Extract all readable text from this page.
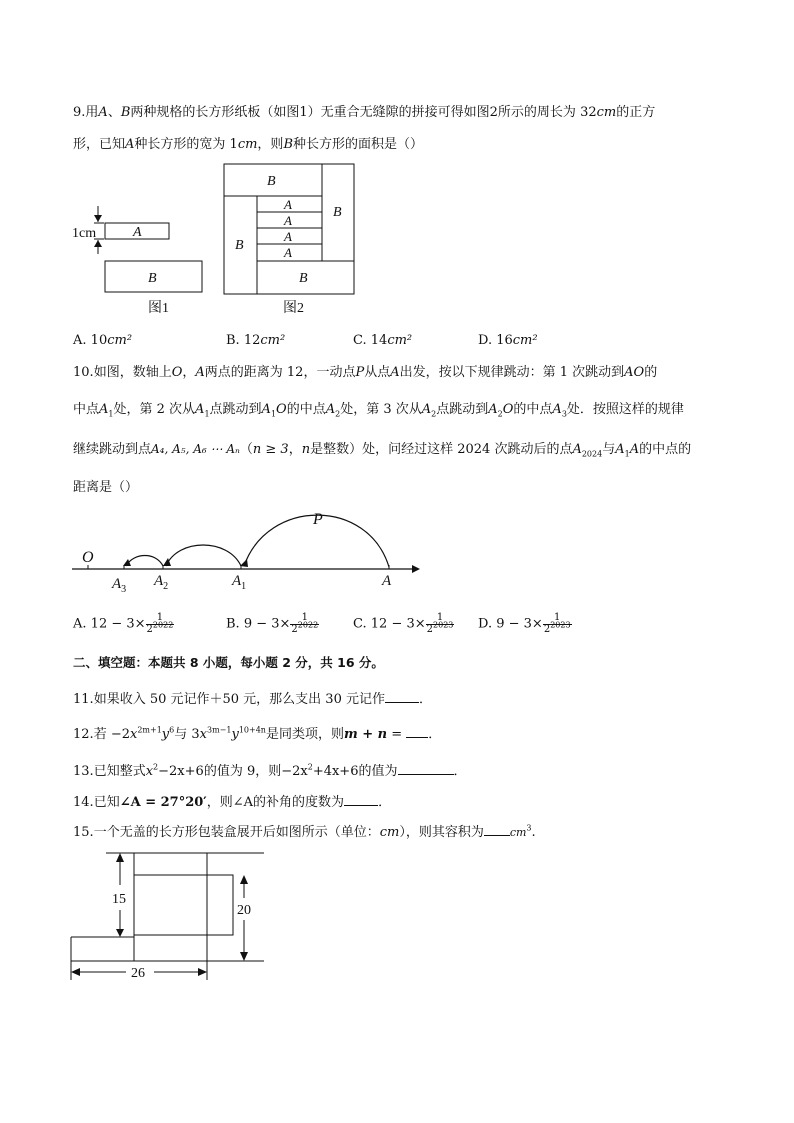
9.用A、B两种规格的长方形纸板（如图1）无重合无缝隙的拼接可得如图2所示的周长为 32cm的正方
形，已知A种长方形的宽为 1cm，则B种长方形的面积是（）
1cm	A
B
图1
B
B
B
B
A
A
A
A
图2
A. 10cm²	B. 12cm²	C. 14cm²	D. 16cm²
10.如图，数轴上O，A两点的距离为 12，一动点P从点A出发，按以下规律跳动：第 1 次跳动到AO的
中点$A_1$处，第 2 次从$A_1$点跳动到$A_1O$的中点$A_2$处，第 3 次从$A_2$点跳动到$A_2O$的中点$A_3$处．按照这样的规律
继续跳动到点A₄, A₅, A₆ ⋯ Aₙ（n ≥ 3，n是整数）处，问经过这样 2024 次跳动后的点$A_{2024}$与$A_1A$的中点的
距离是（）
O
P
A
$A_1$
$A_2$
$A_3$
A. $12 - 3\times \frac{1}{2^{2022}}$	B. $9 - 3\times \frac{1}{2^{2022}}$	C. $12 - 3\times \frac{1}{2^{2023}} D$. $9 - 3\times \frac{1}{2^{2023}}$
二、填空题：本题共 8 小题，每小题 2 分，共 16 分。
11.如果收入 50 元记作＋50 元，那么支出 30 元记作	．
12.若 $-2x^{2m+1}y^6$与 $3x^{3m-1}y^{10+4n}$是同类项，则m + n = ．
13.已知整式$x^2-2x+6$的值为 9，则$-2x^2+4x+6$的值为	．
14.已知∠A = 27°20′，则∠A的补角的度数为	．
15.一个无盖的长方形包装盒展开后如图所示（单位：cm），则其容积为 $cm^3$.
15
20
26
